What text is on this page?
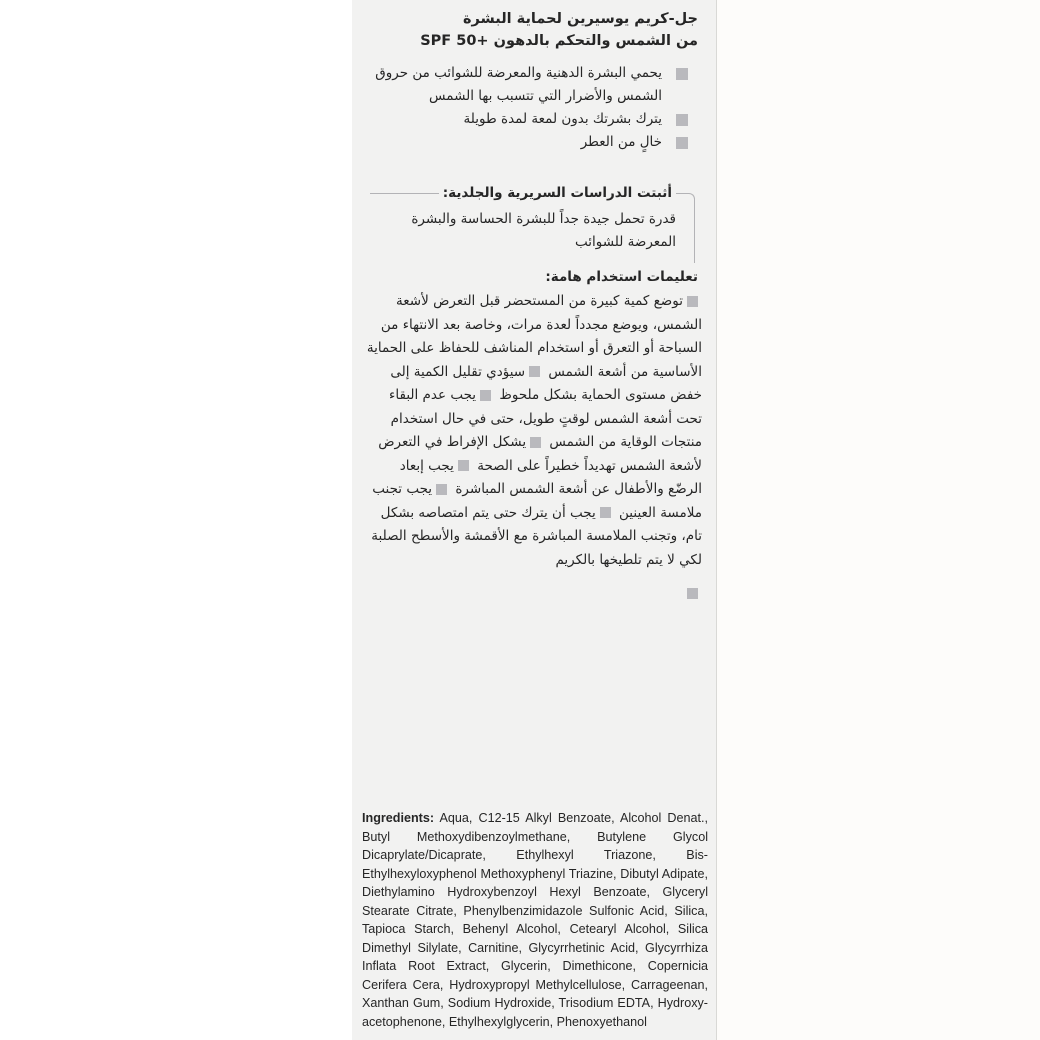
جل-كريم يوسيرين لحماية البشرة
من الشمس والتحكم بالدهون +SPF 50
يحمي البشرة الدهنية والمعرضة للشوائب من حروق الشمس والأضرار التي تتسبب بها الشمس
يترك بشرتك بدون لمعة لمدة طويلة
خالٍ من العطر
أثبتت الدراسات السريرية والجلدية:
قدرة تحمل جيدة جداً للبشرة الحساسة والبشرة المعرضة للشوائب
تعليمات استخدام هامة:
توضع كمية كبيرة من المستحضر قبل التعرض لأشعة الشمس، ويوضع مجدداً لعدة مرات، وخاصة بعد الانتهاء من السباحة أو التعرق أو استخدام المناشف للحفاظ على الحماية الأساسية من أشعة الشمس سيؤدي تقليل الكمية إلى خفض مستوى الحماية بشكل ملحوظ يجب عدم البقاء تحت أشعة الشمس لوقتٍ طويل، حتى في حال استخدام منتجات الوقاية من الشمس يشكل الإفراط في التعرض لأشعة الشمس تهديداً خطيراً على الصحة يجب إبعاد الرضّع والأطفال عن أشعة الشمس المباشرة يجب تجنب ملامسة العينين يجب أن يترك حتى يتم امتصاصه بشكل تام، وتجنب الملامسة المباشرة مع الأقمشة والأسطح الصلبة لكي لا يتم تلطيخها بالكريم

Ingredients: Aqua, C12-15 Alkyl Benzoate, Alcohol Denat., Butyl Methoxydibenzoylmethane, Butylene Glycol Dicaprylate/Dicaprate, Ethylhexyl Triazone, Bis-Ethylhexyloxyphenol Methoxyphenyl Triazine, Dibutyl Adipate, Diethylamino Hydroxybenzoyl Hexyl Benzoate, Glyceryl Stearate Citrate, Phenylbenzimidazole Sulfonic Acid, Silica, Tapioca Starch, Behenyl Alcohol, Cetearyl Alcohol, Silica Dimethyl Silylate, Carnitine, Glycyrrhetinic Acid, Glycyrrhiza Inflata Root Extract, Glycerin, Dimethicone, Copernicia Cerifera Cera, Hydroxypropyl Methylcellulose, Carrageenan, Xanthan Gum, Sodium Hydroxide, Trisodium EDTA, Hydroxy-acetophenone, Ethylhexylglycerin, Phenoxyethanol
